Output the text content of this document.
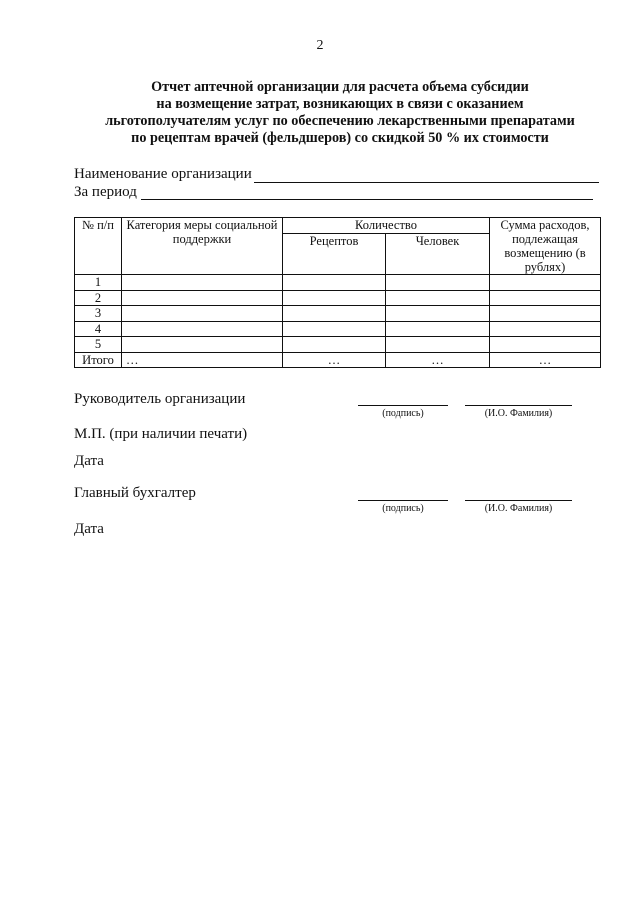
2
Отчет аптечной организации для расчета объема субсидии
на возмещение затрат, возникающих в связи с оказанием
льготополучателям услуг по обеспечению лекарственными препаратами
по рецептам врачей (фельдшеров) со скидкой 50 % их стоимости
Наименование организации
За период
№ п/п	Категория меры социальной поддержки	Количество		Сумма расходов, подлежащая возмещению (в рублях)
		Рецептов	Человек	
1				
2				
3				
4				
5				
Итого	…	…	…	…
Руководитель организации
(подпись)	(И.О. Фамилия)
М.П. (при наличии печати)
Дата
Главный бухгалтер
(подпись)	(И.О. Фамилия)
Дата
